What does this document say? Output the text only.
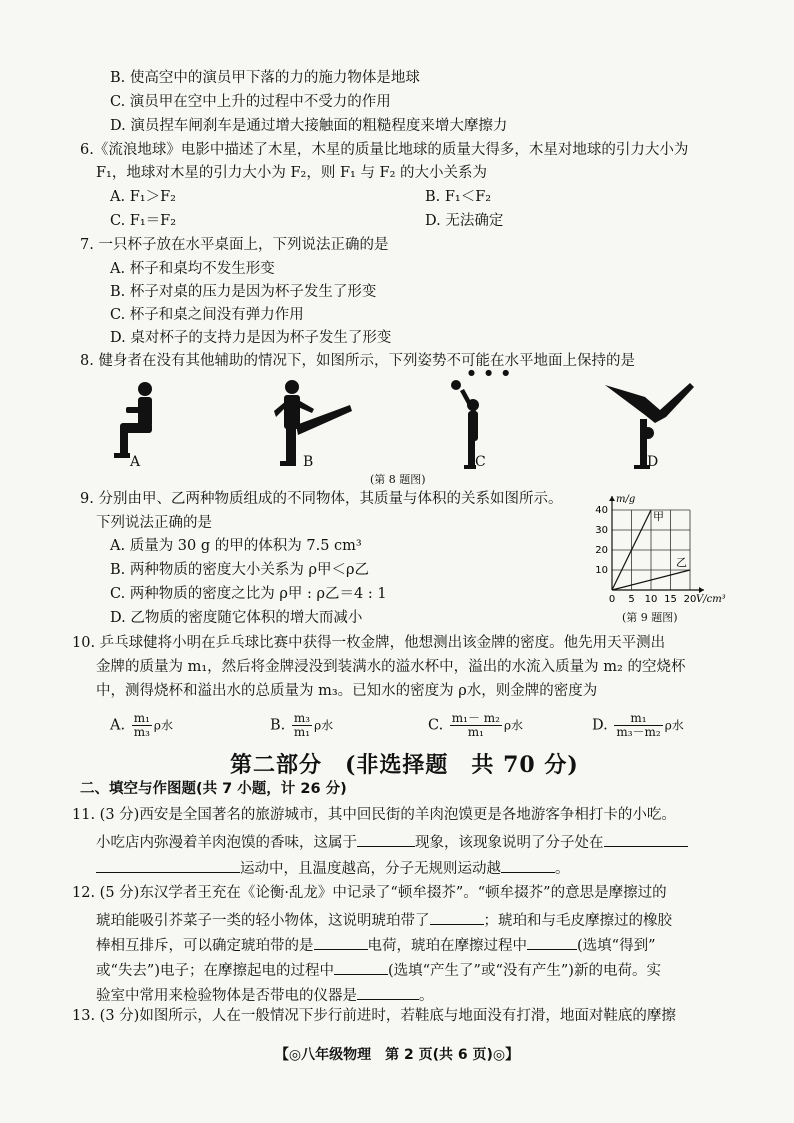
B. 使高空中的演员甲下落的力的施力物体是地球
C. 演员甲在空中上升的过程中不受力的作用
D. 演员捏车闸刹车是通过增大接触面的粗糙程度来增大摩擦力
6.《流浪地球》电影中描述了木星，木星的质量比地球的质量大得多，木星对地球的引力大小为
F₁，地球对木星的引力大小为 F₂，则 F₁ 与 F₂ 的大小关系为
A. F₁＞F₂	B. F₁＜F₂
C. F₁＝F₂	D. 无法确定
7. 一只杯子放在水平桌面上，下列说法正确的是
A. 杯子和桌均不发生形变
B. 杯子对桌的压力是因为杯子发生了形变
C. 杯子和桌之间没有弹力作用
D. 桌对杯子的支持力是因为杯子发生了形变
8. 健身者在没有其他辅助的情况下，如图所示，下列姿势不可能在水平地面上保持的是
●    ●    ●
A	B	C	D
(第 8 题图)
9. 分别由甲、乙两种物质组成的不同物体，其质量与体积的关系如图所示。
下列说法正确的是
A. 质量为 30 g 的甲的体积为 7.5 cm³
B. 两种物质的密度大小关系为 ρ甲＜ρ乙
C. 两种物质的密度之比为 ρ甲 : ρ乙＝4 : 1
D. 乙物质的密度随它体积的增大而减小
0 5 10 15 20
10
20
30
40
m/g
V/cm³
甲
乙
(第 9 题图)
10. 乒乓球健将小明在乒乓球比赛中获得一枚金牌，他想测出该金牌的密度。他先用天平测出
金牌的质量为 m₁，然后将金牌浸没到装满水的溢水杯中，溢出的水流入质量为 m₂ 的空烧杯
中，测得烧杯和溢出水的总质量为 m₃。已知水的密度为 ρ水，则金牌的密度为
A. $\frac{\text{m₁}}{\text{m₃}}$ ρ水	B. $\frac{\text{m₃}}{\text{m₁}}$ ρ水	C. $\frac{\text{m₁－ m₂}}{\text{m₁}}$ ρ水	D. $\frac{\text{m₁}}{\text{m₃－m₂}}$ ρ水
第二部分　(非选择题　共 70 分)
二、填空与作图题(共 7 小题，计 26 分)
11. (3 分)西安是全国著名的旅游城市，其中回民街的羊肉泡馍更是各地游客争相打卡的小吃。
小吃店内弥漫着羊肉泡馍的香味，这属于	现象，该现象说明了分子处在
运动中，且温度越高，分子无规则运动越	。
12. (5 分)东汉学者王充在《论衡·乱龙》中记录了“顿牟掇芥”。“顿牟掇芥”的意思是摩擦过的
琥珀能吸引芥菜子一类的轻小物体，这说明琥珀带了	；琥珀和与毛皮摩擦过的橡胶
棒相互排斥，可以确定琥珀带的是	电荷，琥珀在摩擦过程中	(选填“得到”
或“失去”)电子；在摩擦起电的过程中	(选填“产生了”或“没有产生”)新的电荷。实
验室中常用来检验物体是否带电的仪器是	。
13. (3 分)如图所示，人在一般情况下步行前进时，若鞋底与地面没有打滑，地面对鞋底的摩擦
【◎八年级物理　第 2 页(共 6 页)◎】
